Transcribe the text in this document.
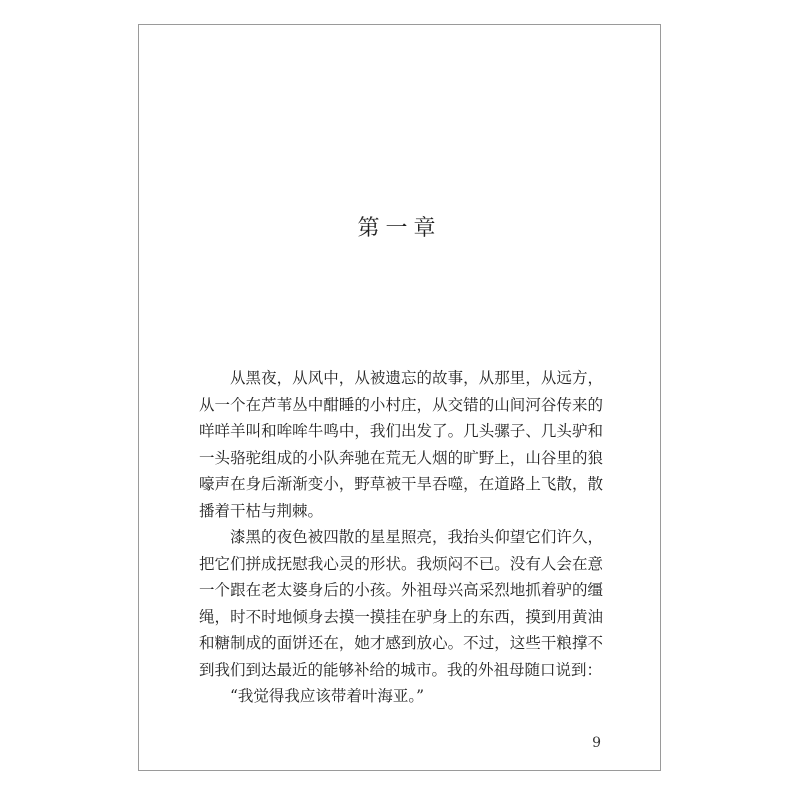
第一章

从黑夜，从风中，从被遗忘的故事，从那里，从远方，从一个在芦苇丛中酣睡的小村庄，从交错的山间河谷传来的咩咩羊叫和哞哞牛鸣中，我们出发了。几头骡子、几头驴和一头骆驼组成的小队奔驰在荒无人烟的旷野上，山谷里的狼嚎声在身后渐渐变小，野草被干旱吞噬，在道路上飞散，散播着干枯与荆棘。

漆黑的夜色被四散的星星照亮，我抬头仰望它们许久，把它们拼成抚慰我心灵的形状。我烦闷不已。没有人会在意一个跟在老太婆身后的小孩。外祖母兴高采烈地抓着驴的缰绳，时不时地倾身去摸一摸挂在驴身上的东西，摸到用黄油和糖制成的面饼还在，她才感到放心。不过，这些干粮撑不到我们到达最近的能够补给的城市。我的外祖母随口说到：

“我觉得我应该带着叶海亚。”

9
